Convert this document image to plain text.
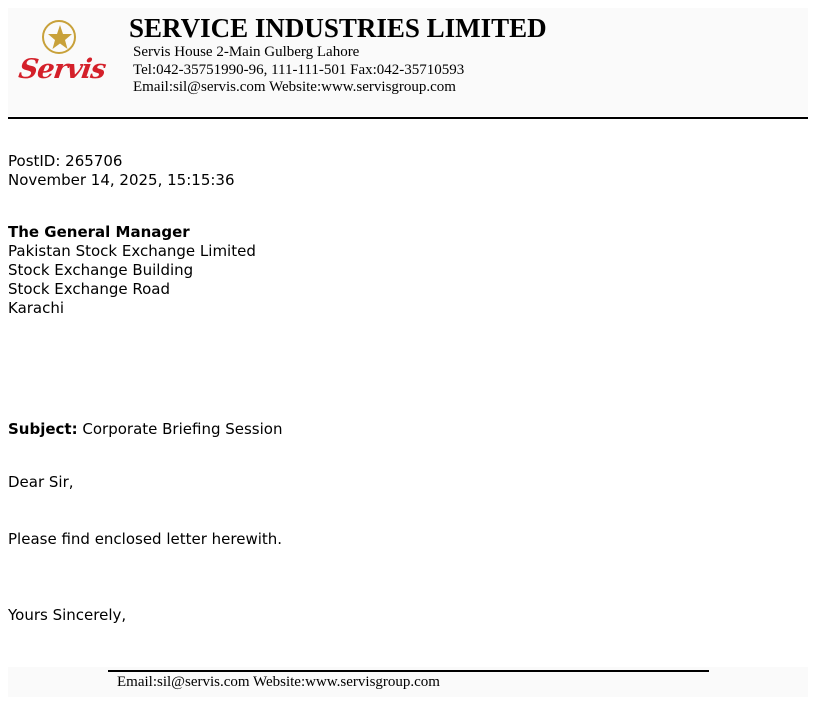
Servis
SERVICE INDUSTRIES LIMITED
Servis House 2-Main Gulberg Lahore
Tel:042-35751990-96, 111-111-501 Fax:042-35710593
Email:sil@servis.com Website:www.servisgroup.com
PostID: 265706
November 14, 2025, 15:15:36
The General Manager
Pakistan Stock Exchange Limited
Stock Exchange Building
Stock Exchange Road
Karachi
Subject: Corporate Briefing Session
Dear Sir,
Please find enclosed letter herewith.
Yours Sincerely,
Email:sil@servis.com Website:www.servisgroup.com
